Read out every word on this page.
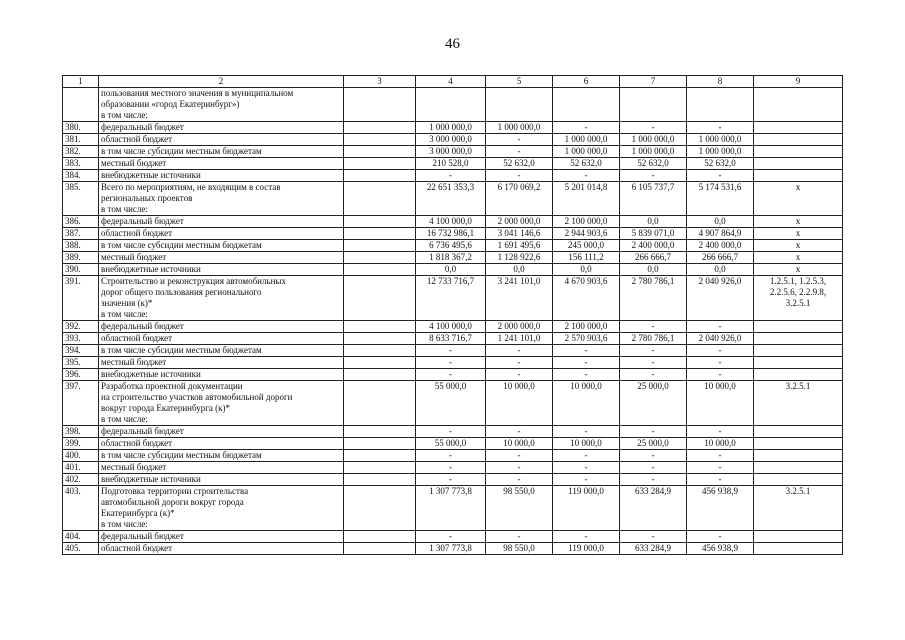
46
1	2	3	4	5	6	7	8	9
	пользования местного значения в муниципальном
образовании «город Екатеринбург»)
в том числе:							
380.	федеральный бюджет		1 000 000,0	1 000 000,0	-	-	-	
381.	областной бюджет		3 000 000,0	-	1 000 000,0	1 000 000,0	1 000 000,0	
382.	в том числе субсидии местным бюджетам		3 000 000,0	-	1 000 000,0	1 000 000,0	1 000 000,0	
383.	местный бюджет		210 528,0	52 632,0	52 632,0	52 632,0	52 632,0	
384.	внебюджетные источники		-	-	-	-	-	
385.	Всего по мероприятиям, не входящим в состав
региональных проектов
в том числе:		22 651 353,3	6 170 069,2	5 201 014,8	6 105 737,7	5 174 531,6	х
386.	федеральный бюджет		4 100 000,0	2 000 000,0	2 100 000,0	0,0	0,0	х
387.	областной бюджет		16 732 986,1	3 041 146,6	2 944 903,6	5 839 071,0	4 907 864,9	х
388.	в том числе субсидии местным бюджетам		6 736 495,6	1 691 495,6	245 000,0	2 400 000,0	2 400 000,0	х
389.	местный бюджет		1 818 367,2	1 128 922,6	156 111,2	266 666,7	266 666,7	х
390.	внебюджетные источники		0,0	0,0	0,0	0,0	0,0	х
391.	Строительство и реконструкция автомобильных
дорог общего пользования регионального
значения (к)*
в том числе:		12 733 716,7	3 241 101,0	4 670 903,6	2 780 786,1	2 040 926,0	1.2.5.1, 1.2.5.3,
2.2.5.6, 2.2.9.8,
3.2.5.1
392.	федеральный бюджет		4 100 000,0	2 000 000,0	2 100 000,0	-	-	
393.	областной бюджет		8 633 716,7	1 241 101,0	2 570 903,6	2 780 786,1	2 040 926,0	
394.	в том числе субсидии местным бюджетам		-	-	-	-	-	
395.	местный бюджет		-	-	-	-	-	
396.	внебюджетные источники		-	-	-	-	-	
397.	Разработка проектной документации
на строительство участков автомобильной дороги
вокруг города Екатеринбурга (к)*
в том числе:		55 000,0	10 000,0	10 000,0	25 000,0	10 000,0	3.2.5.1
398.	федеральный бюджет		-	-	-	-	-	
399.	областной бюджет		55 000,0	10 000,0	10 000,0	25 000,0	10 000,0	
400.	в том числе субсидии местным бюджетам		-	-	-	-	-	
401.	местный бюджет		-	-	-	-	-	
402.	внебюджетные источники		-	-	-	-	-	
403.	Подготовка территории строительства
автомобильной дороги вокруг города
Екатеринбурга (к)*
в том числе:		1 307 773,8	98 550,0	119 000,0	633 284,9	456 938,9	3.2.5.1
404.	федеральный бюджет		-	-	-	-	-	
405.	областной бюджет		1 307 773,8	98 550,0	119 000,0	633 284,9	456 938,9	
